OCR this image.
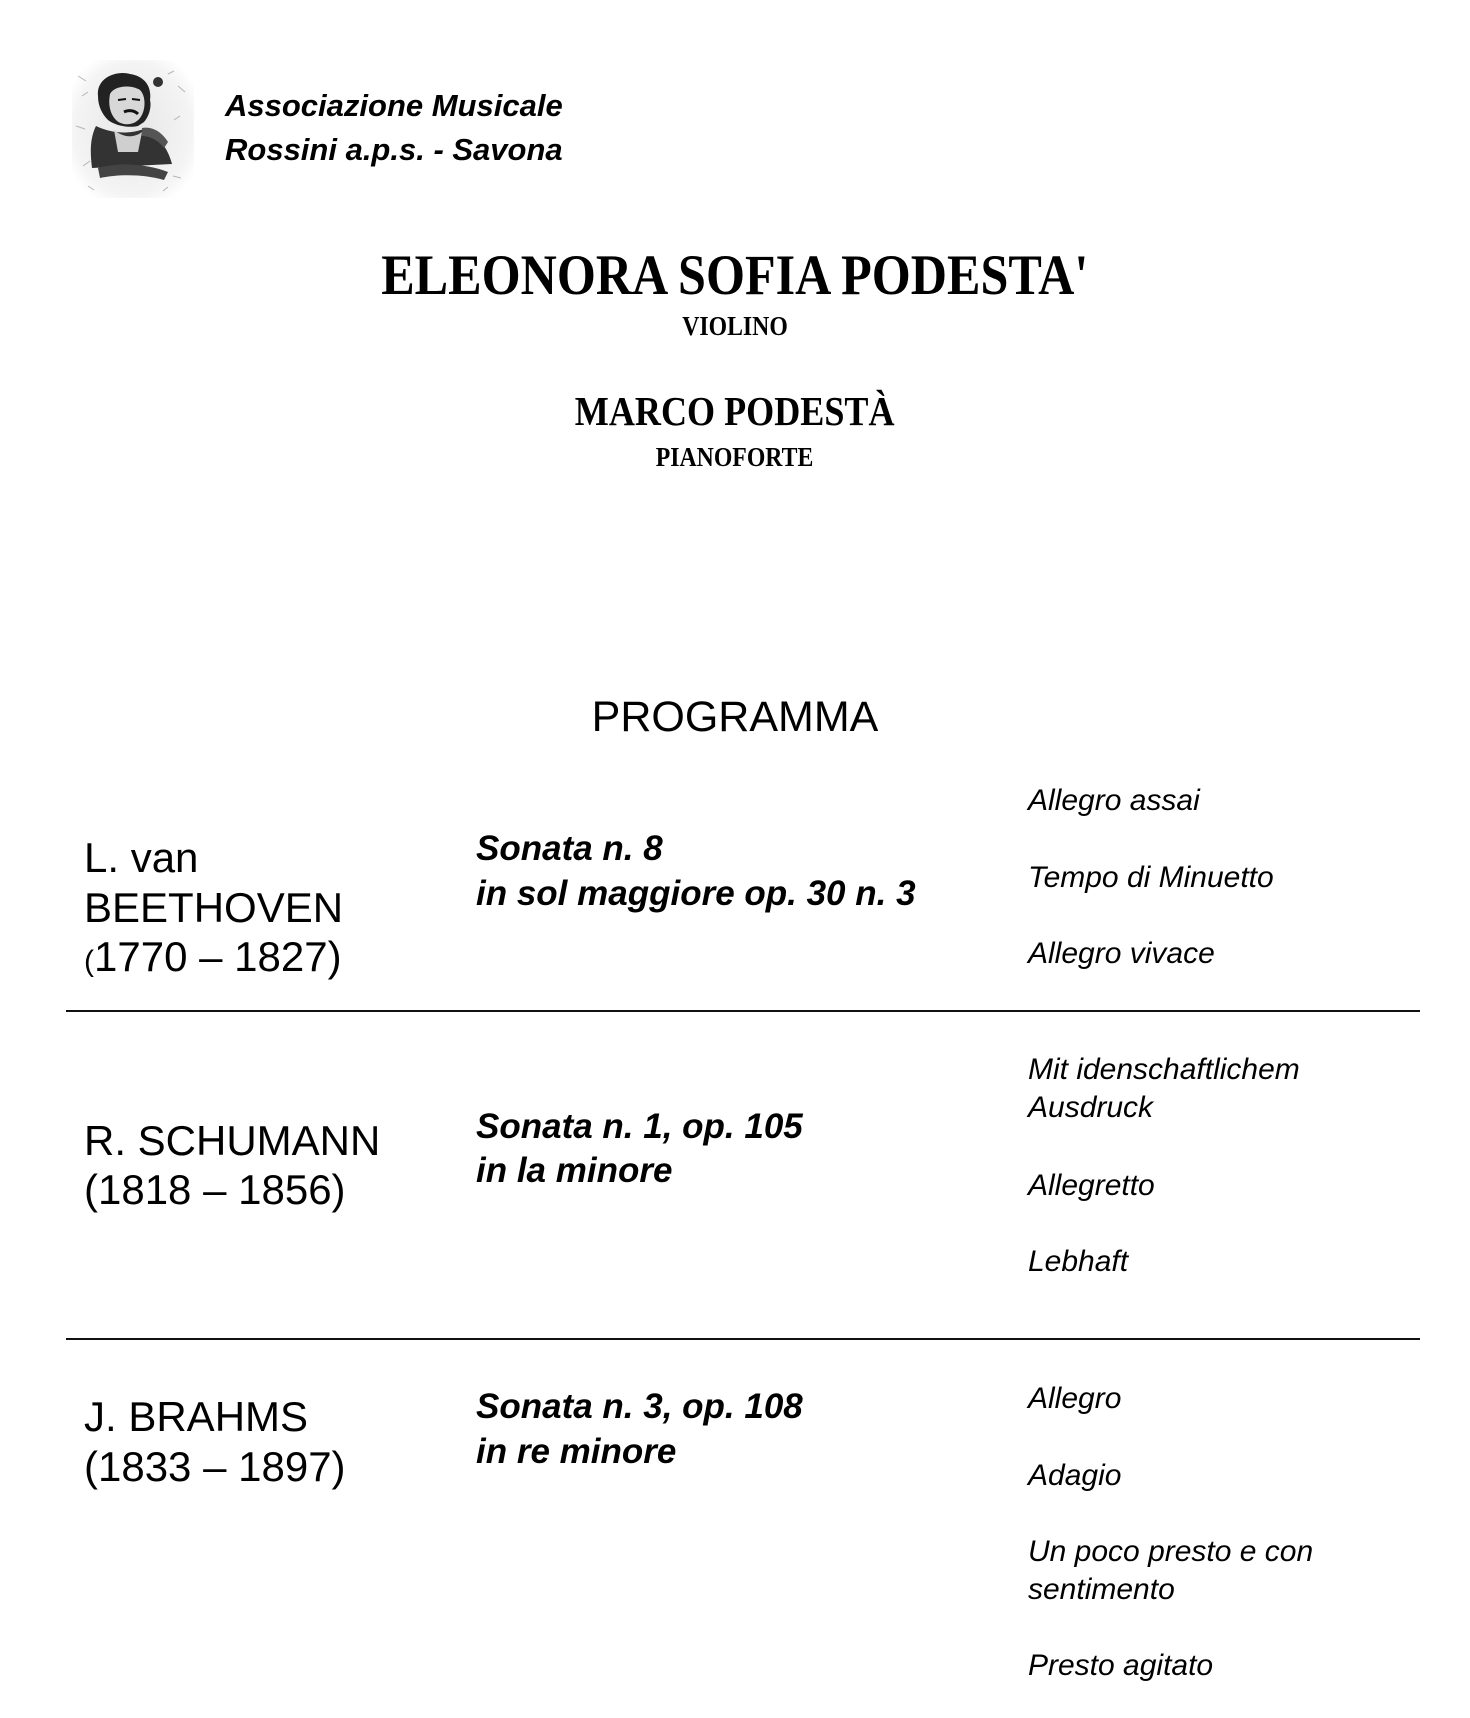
Associazione Musicale
Rossini a.p.s. - Savona
ELEONORA SOFIA PODESTA'
VIOLINO
MARCO PODESTÀ
PIANOFORTE
PROGRAMMA
L. van
BEETHOVEN
(1770 – 1827)
Sonata n. 8
in sol maggiore op. 30 n. 3
Allegro assai
Tempo di Minuetto
Allegro vivace
R. SCHUMANN
(1818 – 1856)
Sonata n. 1, op. 105
in la minore
Mit idenschaftlichem
Ausdruck
Allegretto
Lebhaft
J. BRAHMS
(1833 – 1897)
Sonata n. 3, op. 108
in re minore
Allegro
Adagio
Un poco presto e con
sentimento
Presto agitato
